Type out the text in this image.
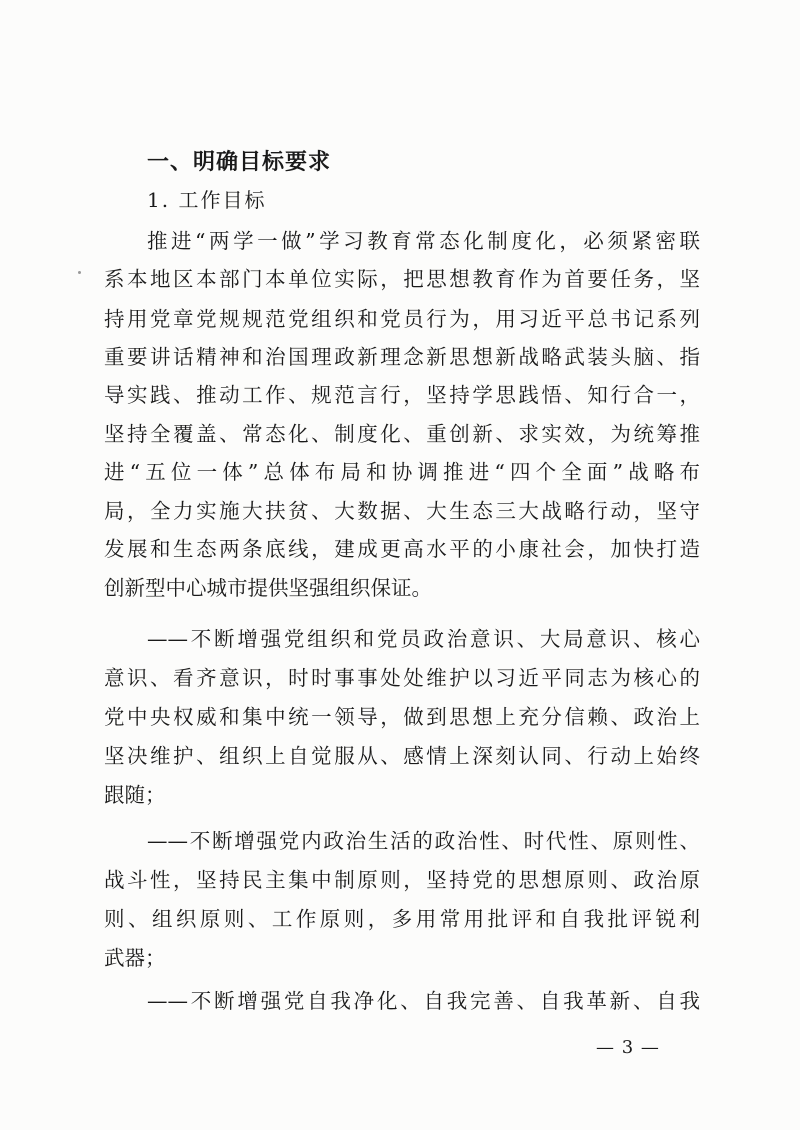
一、明确目标要求
1. 工作目标
推进“两学一做”学习教育常态化制度化，必须紧密联
系本地区本部门本单位实际，把思想教育作为首要任务，坚
持用党章党规规范党组织和党员行为，用习近平总书记系列
重要讲话精神和治国理政新理念新思想新战略武装头脑、指
导实践、推动工作、规范言行，坚持学思践悟、知行合一，
坚持全覆盖、常态化、制度化、重创新、求实效，为统筹推
进“五位一体”总体布局和协调推进“四个全面”战略布
局，全力实施大扶贫、大数据、大生态三大战略行动，坚守
发展和生态两条底线，建成更高水平的小康社会，加快打造
创新型中心城市提供坚强组织保证。
——不断增强党组织和党员政治意识、大局意识、核心
意识、看齐意识，时时事事处处维护以习近平同志为核心的
党中央权威和集中统一领导，做到思想上充分信赖、政治上
坚决维护、组织上自觉服从、感情上深刻认同、行动上始终
跟随；
——不断增强党内政治生活的政治性、时代性、原则性、
战斗性，坚持民主集中制原则，坚持党的思想原则、政治原
则、组织原则、工作原则，多用常用批评和自我批评锐利
武器；
——不断增强党自我净化、自我完善、自我革新、自我
— 3 —
